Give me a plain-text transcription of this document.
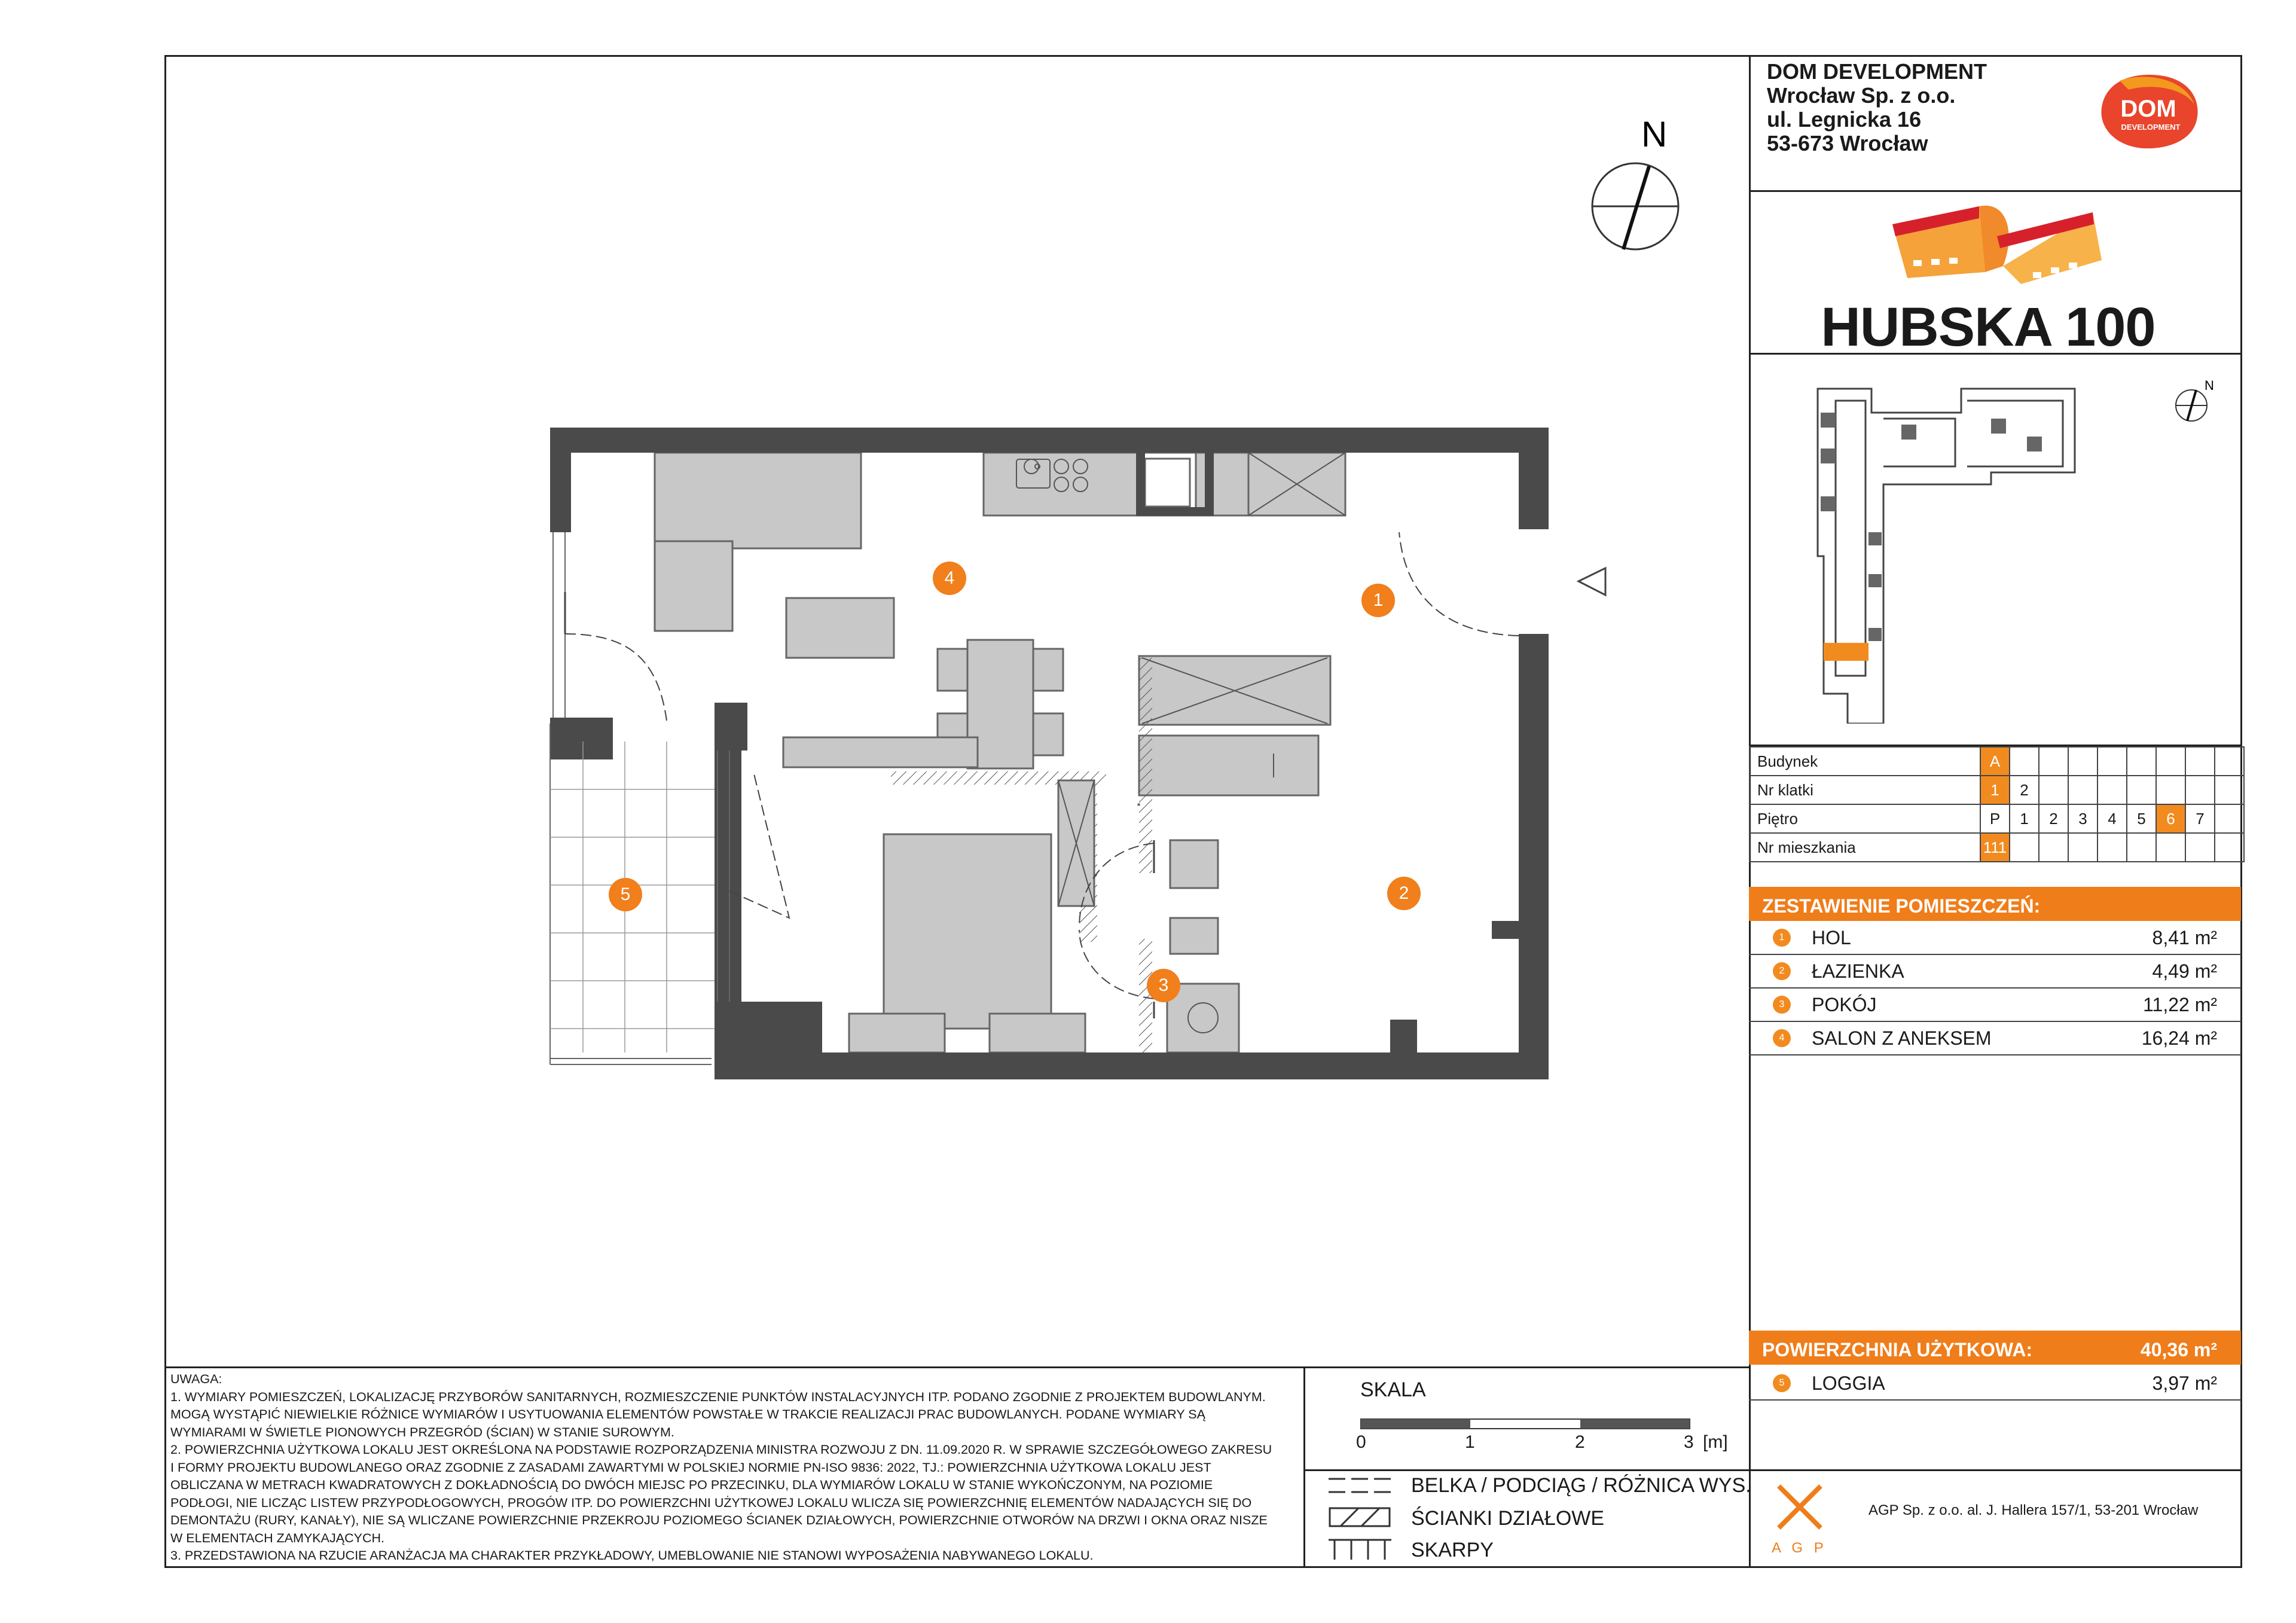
DOM DEVELOPMENT
Wrocław Sp. z o.o.
ul. Legnicka 16
53-673 Wrocław
DOM
DEVELOPMENT
HUBSKA 100
N
Budynek	A								
Nr klatki	1	2							
Piętro	P	1	2	3	4	5	6	7	
Nr mieszkania	111								
ZESTAWIENIE POMIESZCZEŃ:
1	HOL	8,41 m²
2	ŁAZIENKA	4,49 m²
3	POKÓJ	11,22 m²
4	SALON Z ANEKSEM	16,24 m²
POWIERZCHNIA UŻYTKOWA:	40,36 m²
5	LOGGIA	3,97 m²
UWAGA:
1. WYMIARY POMIESZCZEŃ, LOKALIZACJĘ PRZYBORÓW SANITARNYCH, ROZMIESZCZENIE PUNKTÓW INSTALACYJNYCH ITP. PODANO ZGODNIE Z PROJEKTEM BUDOWLANYM.
MOGĄ WYSTĄPIĆ NIEWIELKIE RÓŻNICE WYMIARÓW I USYTUOWANIA ELEMENTÓW POWSTAŁE W TRAKCIE REALIZACJI PRAC BUDOWLANYCH. PODANE WYMIARY SĄ
WYMIARAMI W ŚWIETLE PIONOWYCH PRZEGRÓD (ŚCIAN) W STANIE SUROWYM.
2. POWIERZCHNIA UŻYTKOWA LOKALU JEST OKREŚLONA NA PODSTAWIE ROZPORZĄDZENIA MINISTRA ROZWOJU Z DN. 11.09.2020 R. W SPRAWIE SZCZEGÓŁOWEGO ZAKRESU
I FORMY PROJEKTU BUDOWLANEGO ORAZ ZGODNIE Z ZASADAMI ZAWARTYMI W POLSKIEJ NORMIE PN-ISO 9836: 2022, TJ.: POWIERZCHNIA UŻYTKOWA LOKALU JEST
OBLICZANA W METRACH KWADRATOWYCH Z DOKŁADNOŚCIĄ DO DWÓCH MIEJSC PO PRZECINKU, DLA WYMIARÓW LOKALU W STANIE WYKOŃCZONYM, NA POZIOMIE
PODŁOGI, NIE LICZĄC LISTEW PRZYPODŁOGOWYCH, PROGÓW ITP. DO POWIERZCHNI UŻYTKOWEJ LOKALU WLICZA SIĘ POWIERZCHNIĘ ELEMENTÓW NADAJĄCYCH SIĘ DO
DEMONTAŻU (RURY, KANAŁY), NIE SĄ WLICZANE POWIERZCHNIE PRZEKROJU POZIOMEGO ŚCIANEK DZIAŁOWYCH, POWIERZCHNIE OTWORÓW NA DRZWI I OKNA ORAZ NISZE
W ELEMENTACH ZAMYKAJĄCYCH.
3. PRZEDSTAWIONA NA RZUCIE ARANŻACJA MA CHARAKTER PRZYKŁADOWY, UMEBLOWANIE NIE STANOWI WYPOSAŻENIA NABYWANEGO LOKALU.
SKALA
0	1	2	3 [m]
BELKA / PODCIĄG / RÓŻNICA WYS.
ŚCIANKI DZIAŁOWE
SKARPY	A G P
AGP Sp. z o.o. al. J. Hallera 157/1, 53-201 Wrocław
N
1
2
3
4
5
